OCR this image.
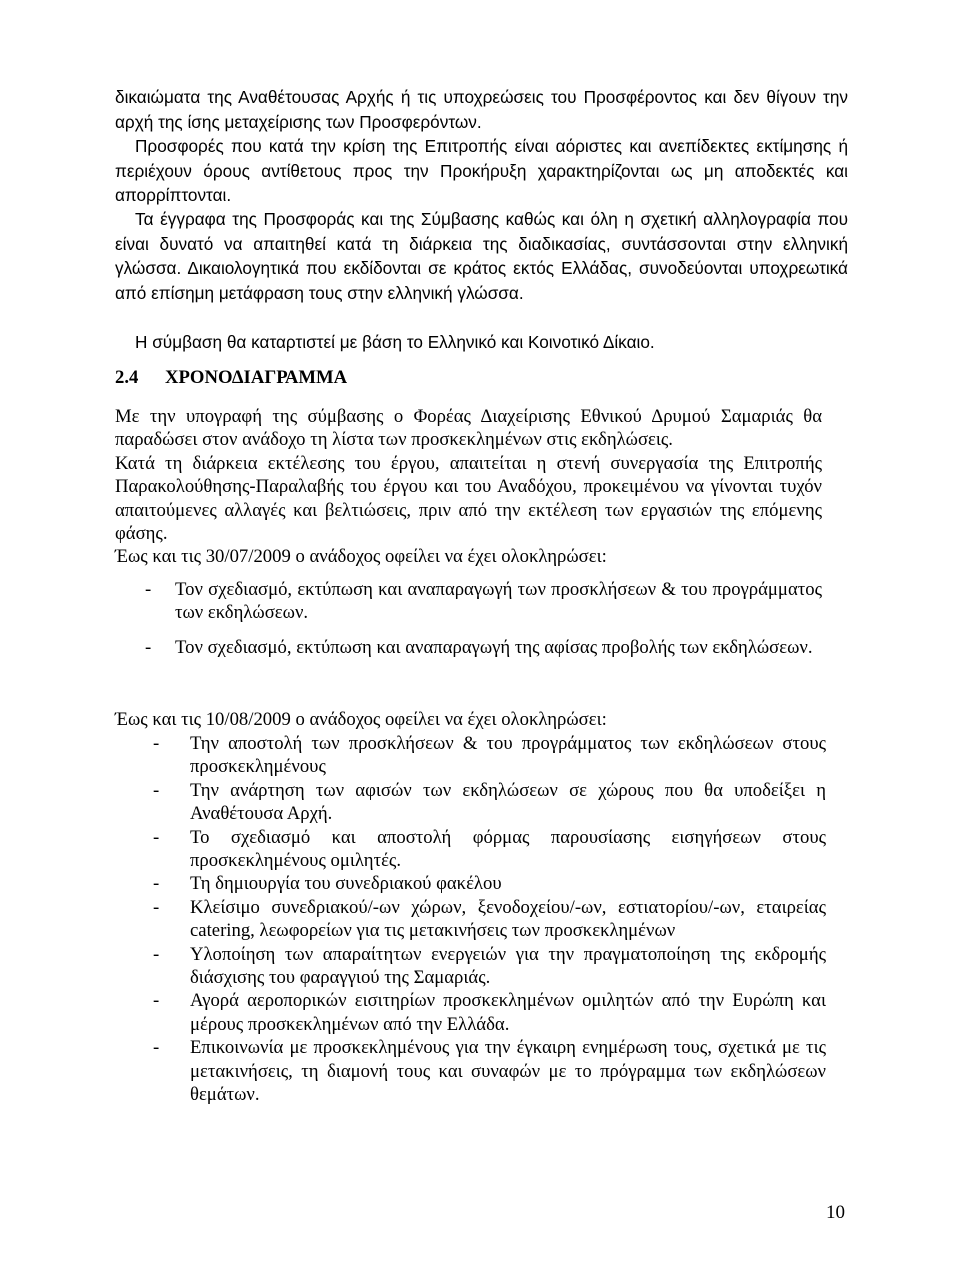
δικαιώματα της Αναθέτουσας Αρχής ή τις υποχρεώσεις του Προσφέροντος και δεν θίγουν την αρχή της ίσης μεταχείρισης των Προσφερόντων.

Προσφορές που κατά την κρίση της Επιτροπής είναι αόριστες και ανεπίδεκτες εκτίμησης ή περιέχουν όρους αντίθετους προς την Προκήρυξη χαρακτηρίζονται ως μη αποδεκτές και απορρίπτονται.

Τα έγγραφα της Προσφοράς και της Σύμβασης καθώς και όλη η σχετική αλληλογραφία που είναι δυνατό να απαιτηθεί κατά τη διάρκεια της διαδικασίας, συντάσσονται στην ελληνική γλώσσα. Δικαιολογητικά που εκδίδονται σε κράτος εκτός Ελλάδας, συνοδεύονται υποχρεωτικά από επίσημη μετάφραση τους στην ελληνική γλώσσα.

Η σύμβαση θα καταρτιστεί με βάση το Ελληνικό και Κοινοτικό Δίκαιο.

2.4 ΧΡΟΝΟΔΙΑΓΡΑΜΜΑ

Με την υπογραφή της σύμβασης ο Φορέας Διαχείρισης Εθνικού Δρυμού Σαμαριάς θα παραδώσει στον ανάδοχο τη λίστα των προσκεκλημένων στις εκδηλώσεις.

Κατά τη διάρκεια εκτέλεσης του έργου, απαιτείται η στενή συνεργασία της Επιτροπής Παρακολούθησης-Παραλαβής του έργου και του Αναδόχου, προκειμένου να γίνονται τυχόν απαιτούμενες αλλαγές και βελτιώσεις, πριν από την εκτέλεση των εργασιών της επόμενης φάσης.

Έως και τις 30/07/2009 ο ανάδοχος οφείλει να έχει ολοκληρώσει:

- Τον σχεδιασμό, εκτύπωση και αναπαραγωγή των προσκλήσεων & του προγράμματος των εκδηλώσεων.
- Τον σχεδιασμό, εκτύπωση και αναπαραγωγή της αφίσας προβολής των εκδηλώσεων.

Έως και τις 10/08/2009 ο ανάδοχος οφείλει να έχει ολοκληρώσει:

- Την αποστολή των προσκλήσεων & του προγράμματος των εκδηλώσεων στους προσκεκλημένους
- Την ανάρτηση των αφισών των εκδηλώσεων σε χώρους που θα υποδείξει η Αναθέτουσα Αρχή.
- Το σχεδιασμό και αποστολή φόρμας παρουσίασης εισηγήσεων στους προσκεκλημένους ομιλητές.
- Τη δημιουργία του συνεδριακού φακέλου
- Κλείσιμο συνεδριακού/-ων χώρων, ξενοδοχείου/-ων, εστιατορίου/-ων, εταιρείας catering, λεωφορείων για τις μετακινήσεις των προσκεκλημένων
- Υλοποίηση των απαραίτητων ενεργειών για την πραγματοποίηση της εκδρομής διάσχισης του φαραγγιού της Σαμαριάς.
- Αγορά αεροπορικών εισιτηρίων προσκεκλημένων ομιλητών από την Ευρώπη και μέρους προσκεκλημένων από την Ελλάδα.
- Επικοινωνία με προσκεκλημένους για την έγκαιρη ενημέρωση τους, σχετικά με τις μετακινήσεις, τη διαμονή τους και συναφών με το πρόγραμμα των εκδηλώσεων θεμάτων.

10
